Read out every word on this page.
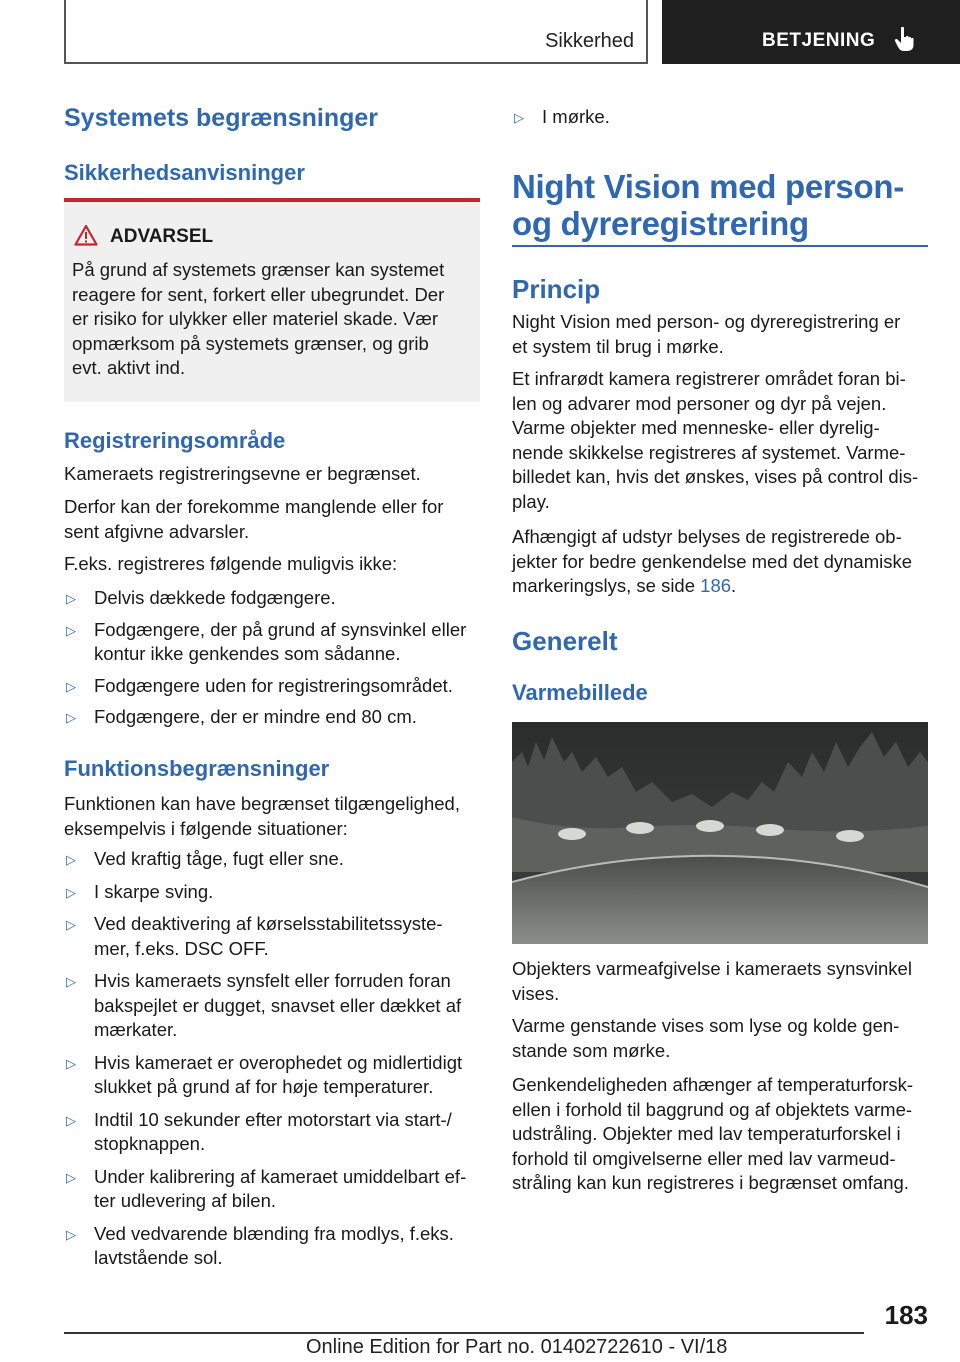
Sikkerhed	BETJENING
Systemets begrænsninger
Sikkerhedsanvisninger
ADVARSEL
På grund af systemets grænser kan systemet
reagere for sent, forkert eller ubegrundet. Der
er risiko for ulykker eller materiel skade. Vær
opmærksom på systemets grænser, og grib
evt. aktivt ind.
Registreringsområde
Kameraets registreringsevne er begrænset.
Derfor kan der forekomme manglende eller for
sent afgivne advarsler.
F.eks. registreres følgende muligvis ikke:
▷ Delvis dækkede fodgængere.
▷ Fodgængere, der på grund af synsvinkel eller
kontur ikke genkendes som sådanne.
▷ Fodgængere uden for registreringsområdet.
▷ Fodgængere, der er mindre end 80 cm.
Funktionsbegrænsninger
Funktionen kan have begrænset tilgængelighed,
eksempelvis i følgende situationer:
▷ Ved kraftig tåge, fugt eller sne.
▷ I skarpe sving.
▷ Ved deaktivering af kørselsstabilitetssyste-
mer, f.eks. DSC OFF.
▷ Hvis kameraets synsfelt eller forruden foran
bakspejlet er dugget, snavset eller dækket af
mærkater.
▷ Hvis kameraet er overophedet og midlertidigt
slukket på grund af for høje temperaturer.
▷ Indtil 10 sekunder efter motorstart via start-/
stopknappen.
▷ Under kalibrering af kameraet umiddelbart ef-
ter udlevering af bilen.
▷ Ved vedvarende blænding fra modlys, f.eks.
lavtstående sol.
▷ I mørke.
Night Vision med person-
og dyreregistrering
Princip
Night Vision med person- og dyreregistrering er
et system til brug i mørke.
Et infrarødt kamera registrerer området foran bi-
len og advarer mod personer og dyr på vejen.
Varme objekter med menneske- eller dyrelig-
nende skikkelse registreres af systemet. Varme-
billedet kan, hvis det ønskes, vises på control dis-
play.
Afhængigt af udstyr belyses de registrerede ob-
jekter for bedre genkendelse med det dynamiske
markeringslys, se side 186.
Generelt
Varmebillede
Objekters varmeafgivelse i kameraets synsvinkel
vises.
Varme genstande vises som lyse og kolde gen-
stande som mørke.
Genkendeligheden afhænger af temperaturforsk-
ellen i forhold til baggrund og af objektets varme-
udstråling. Objekter med lav temperaturforskel i
forhold til omgivelserne eller med lav varmeud-
stråling kan kun registreres i begrænset omfang.
183
Online Edition for Part no. 01402722610 - VI/18
